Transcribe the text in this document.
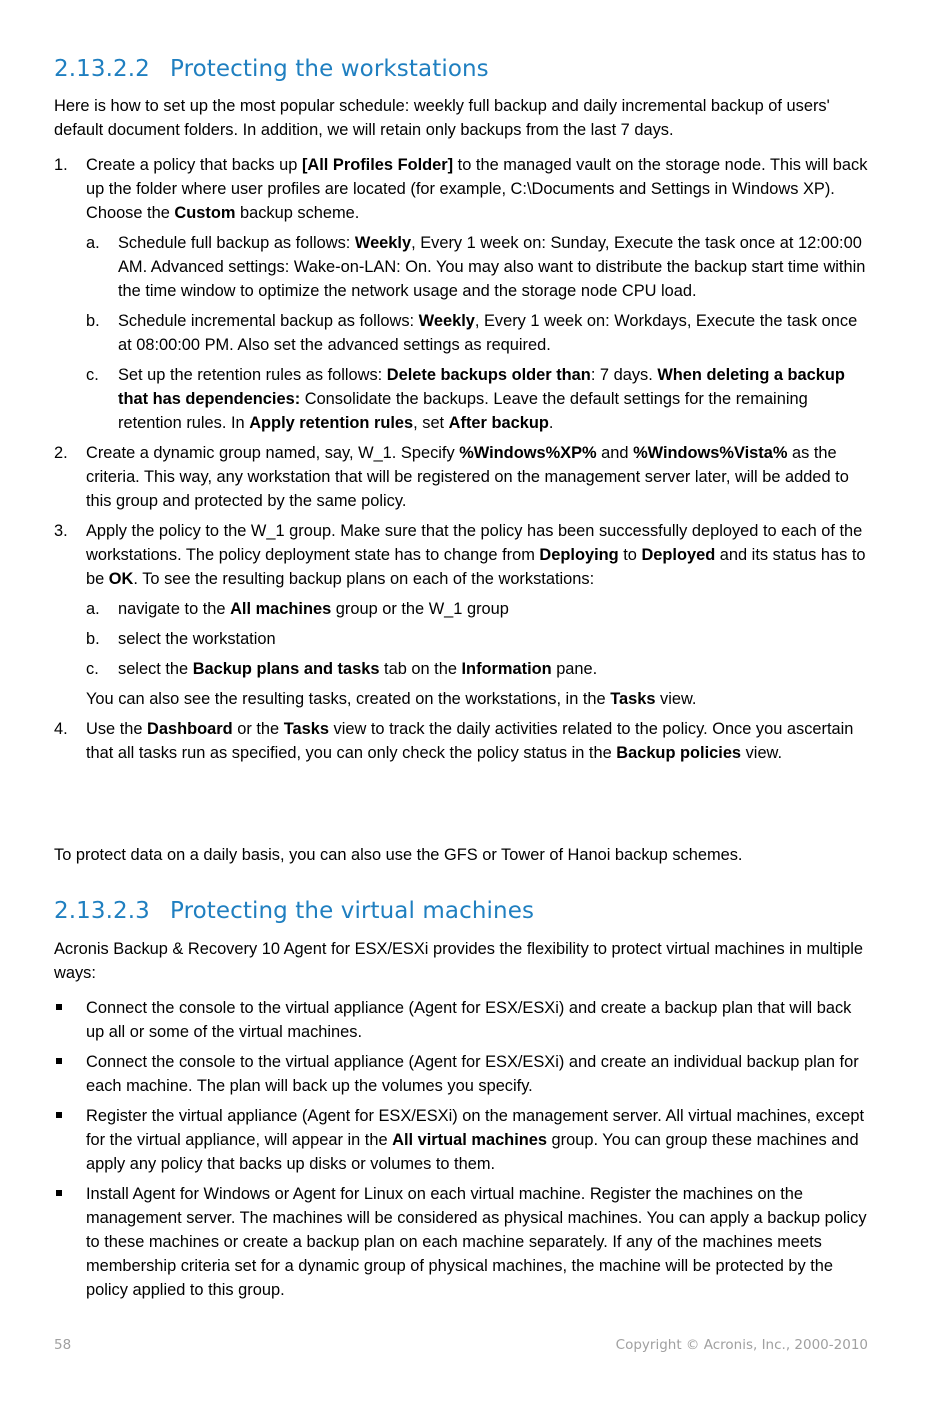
2.13.2.2 Protecting the workstations

Here is how to set up the most popular schedule: weekly full backup and daily incremental backup of users' default document folders. In addition, we will retain only backups from the last 7 days.

1. Create a policy that backs up [All Profiles Folder] to the managed vault on the storage node. This will back up the folder where user profiles are located (for example, C:\Documents and Settings in Windows XP). Choose the Custom backup scheme.
a. Schedule full backup as follows: Weekly, Every 1 week on: Sunday, Execute the task once at 12:00:00 AM. Advanced settings: Wake-on-LAN: On. You may also want to distribute the backup start time within the time window to optimize the network usage and the storage node CPU load.
b. Schedule incremental backup as follows: Weekly, Every 1 week on: Workdays, Execute the task once at 08:00:00 PM. Also set the advanced settings as required.
c. Set up the retention rules as follows: Delete backups older than: 7 days. When deleting a backup that has dependencies: Consolidate the backups. Leave the default settings for the remaining retention rules. In Apply retention rules, set After backup.
2. Create a dynamic group named, say, W_1. Specify %Windows%XP% and %Windows%Vista% as the criteria. This way, any workstation that will be registered on the management server later, will be added to this group and protected by the same policy.
3. Apply the policy to the W_1 group. Make sure that the policy has been successfully deployed to each of the workstations. The policy deployment state has to change from Deploying to Deployed and its status has to be OK. To see the resulting backup plans on each of the workstations:
a. navigate to the All machines group or the W_1 group
b. select the workstation
c. select the Backup plans and tasks tab on the Information pane.
You can also see the resulting tasks, created on the workstations, in the Tasks view.
4. Use the Dashboard or the Tasks view to track the daily activities related to the policy. Once you ascertain that all tasks run as specified, you can only check the policy status in the Backup policies view.

To protect data on a daily basis, you can also use the GFS or Tower of Hanoi backup schemes.

2.13.2.3 Protecting the virtual machines

Acronis Backup & Recovery 10 Agent for ESX/ESXi provides the flexibility to protect virtual machines in multiple ways:

Connect the console to the virtual appliance (Agent for ESX/ESXi) and create a backup plan that will back up all or some of the virtual machines.
Connect the console to the virtual appliance (Agent for ESX/ESXi) and create an individual backup plan for each machine. The plan will back up the volumes you specify.
Register the virtual appliance (Agent for ESX/ESXi) on the management server. All virtual machines, except for the virtual appliance, will appear in the All virtual machines group. You can group these machines and apply any policy that backs up disks or volumes to them.
Install Agent for Windows or Agent for Linux on each virtual machine. Register the machines on the management server. The machines will be considered as physical machines. You can apply a backup policy to these machines or create a backup plan on each machine separately. If any of the machines meets membership criteria set for a dynamic group of physical machines, the machine will be protected by the policy applied to this group.
58	Copyright © Acronis, Inc., 2000-2010
